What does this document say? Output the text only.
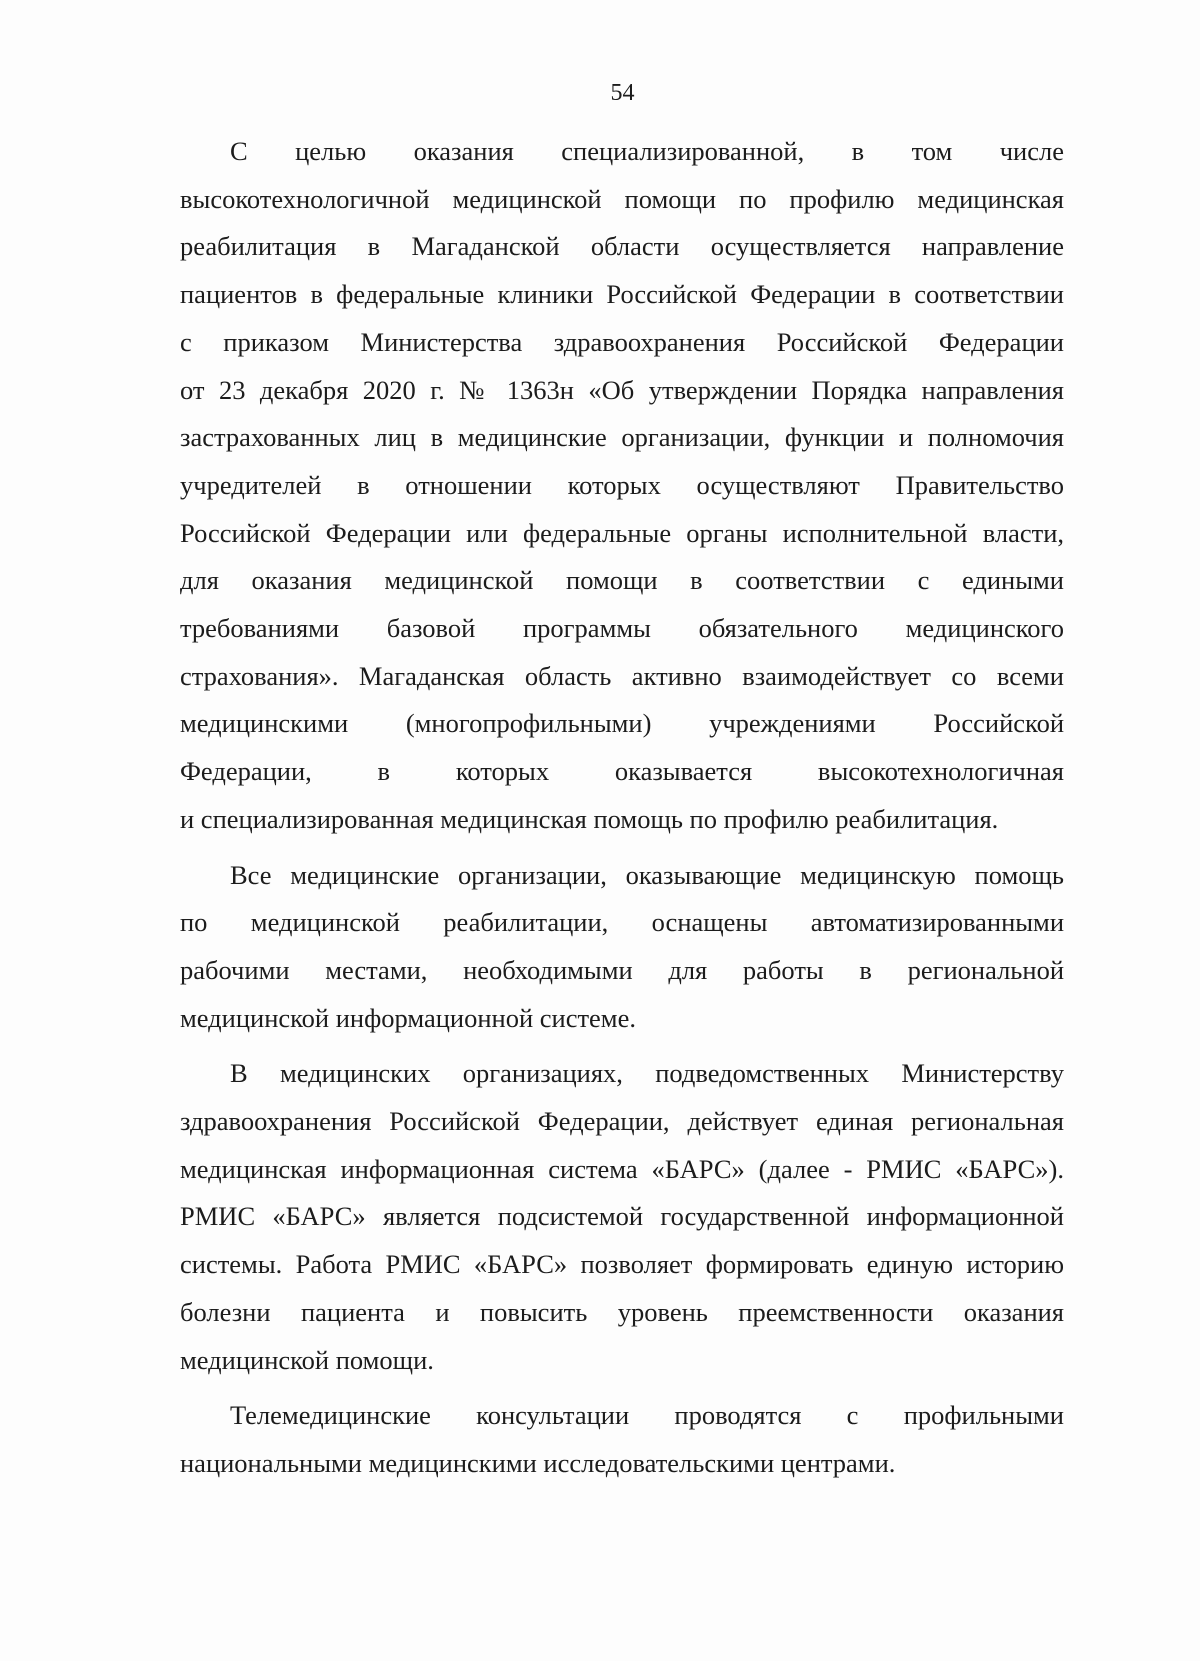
54
С целью оказания специализированной, в том числе
высокотехнологичной медицинской помощи по профилю медицинская
реабилитация в Магаданской области осуществляется направление
пациентов в федеральные клиники Российской Федерации в соответствии
с приказом Министерства здравоохранения Российской Федерации
от 23 декабря 2020 г. № 1363н «Об утверждении Порядка направления
застрахованных лиц в медицинские организации, функции и полномочия
учредителей в отношении которых осуществляют Правительство
Российской Федерации или федеральные органы исполнительной власти,
для оказания медицинской помощи в соответствии с едиными
требованиями базовой программы обязательного медицинского
страхования». Магаданская область активно взаимодействует со всеми
медицинскими (многопрофильными) учреждениями Российской
Федерации, в которых оказывается высокотехнологичная
и специализированная медицинская помощь по профилю реабилитация.
Все медицинские организации, оказывающие медицинскую помощь
по медицинской реабилитации, оснащены автоматизированными
рабочими местами, необходимыми для работы в региональной
медицинской информационной системе.
В медицинских организациях, подведомственных Министерству
здравоохранения Российской Федерации, действует единая региональная
медицинская информационная система «БАРС» (далее - РМИС «БАРС»).
РМИС «БАРС» является подсистемой государственной информационной
системы. Работа РМИС «БАРС» позволяет формировать единую историю
болезни пациента и повысить уровень преемственности оказания
медицинской помощи.
Телемедицинские консультации проводятся с профильными
национальными медицинскими исследовательскими центрами.
